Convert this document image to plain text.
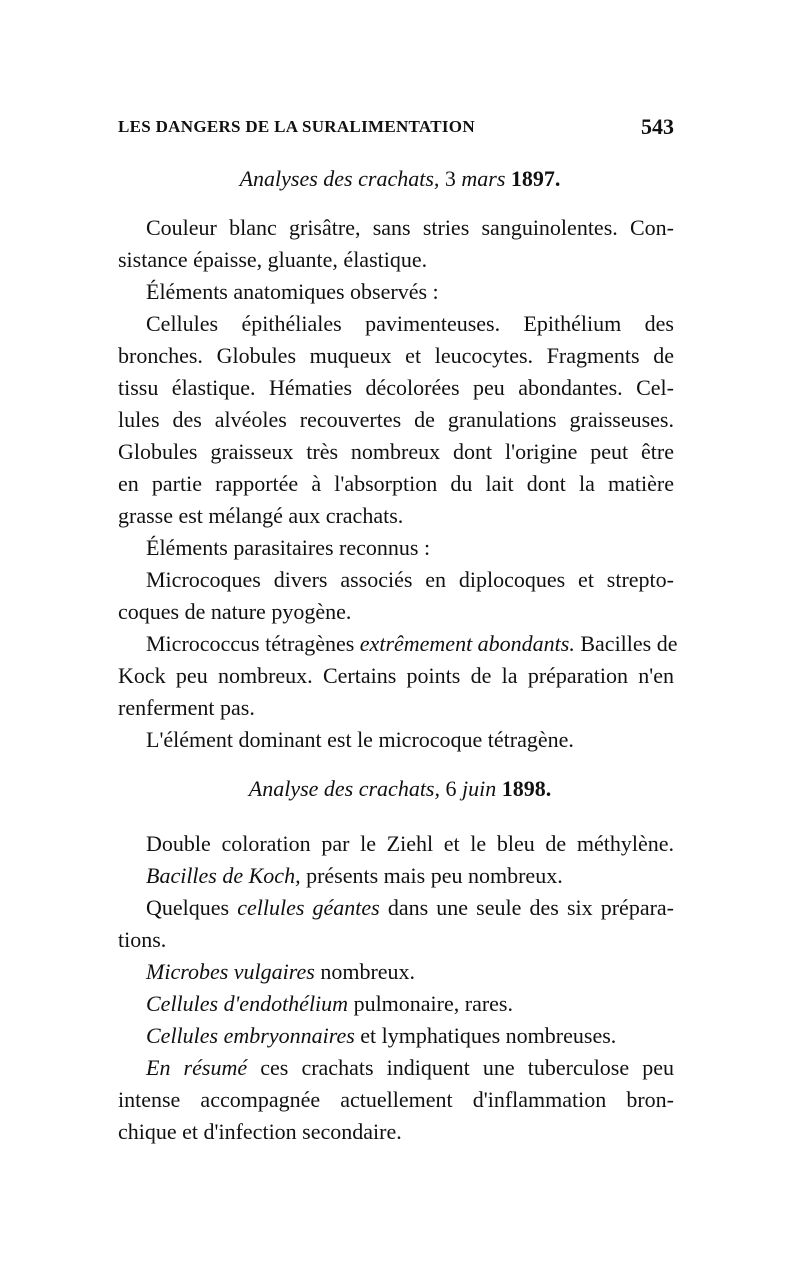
LES DANGERS DE LA SURALIMENTATION	543
Analyses des crachats, 3 mars 1897.
Couleur blanc grisâtre, sans stries sanguinolentes. Con-
sistance épaisse, gluante, élastique.
Éléments anatomiques observés :
Cellules épithéliales pavimenteuses. Epithélium des
bronches. Globules muqueux et leucocytes. Fragments de
tissu élastique. Hématies décolorées peu abondantes. Cel-
lules des alvéoles recouvertes de granulations graisseuses.
Globules graisseux très nombreux dont l'origine peut être
en partie rapportée à l'absorption du lait dont la matière
grasse est mélangé aux crachats.
Éléments parasitaires reconnus :
Microcoques divers associés en diplocoques et strepto-
coques de nature pyogène.
Micrococcus tétragènes extrêmement abondants. Bacilles de
Kock peu nombreux. Certains points de la préparation n'en
renferment pas.
L'élément dominant est le microcoque tétragène.
Analyse des crachats, 6 juin 1898.
Double coloration par le Ziehl et le bleu de méthylène.
Bacilles de Koch, présents mais peu nombreux.
Quelques cellules géantes dans une seule des six prépara-
tions.
Microbes vulgaires nombreux.
Cellules d'endothélium pulmonaire, rares.
Cellules embryonnaires et lymphatiques nombreuses.
En résumé ces crachats indiquent une tuberculose peu
intense accompagnée actuellement d'inflammation bron-
chique et d'infection secondaire.
